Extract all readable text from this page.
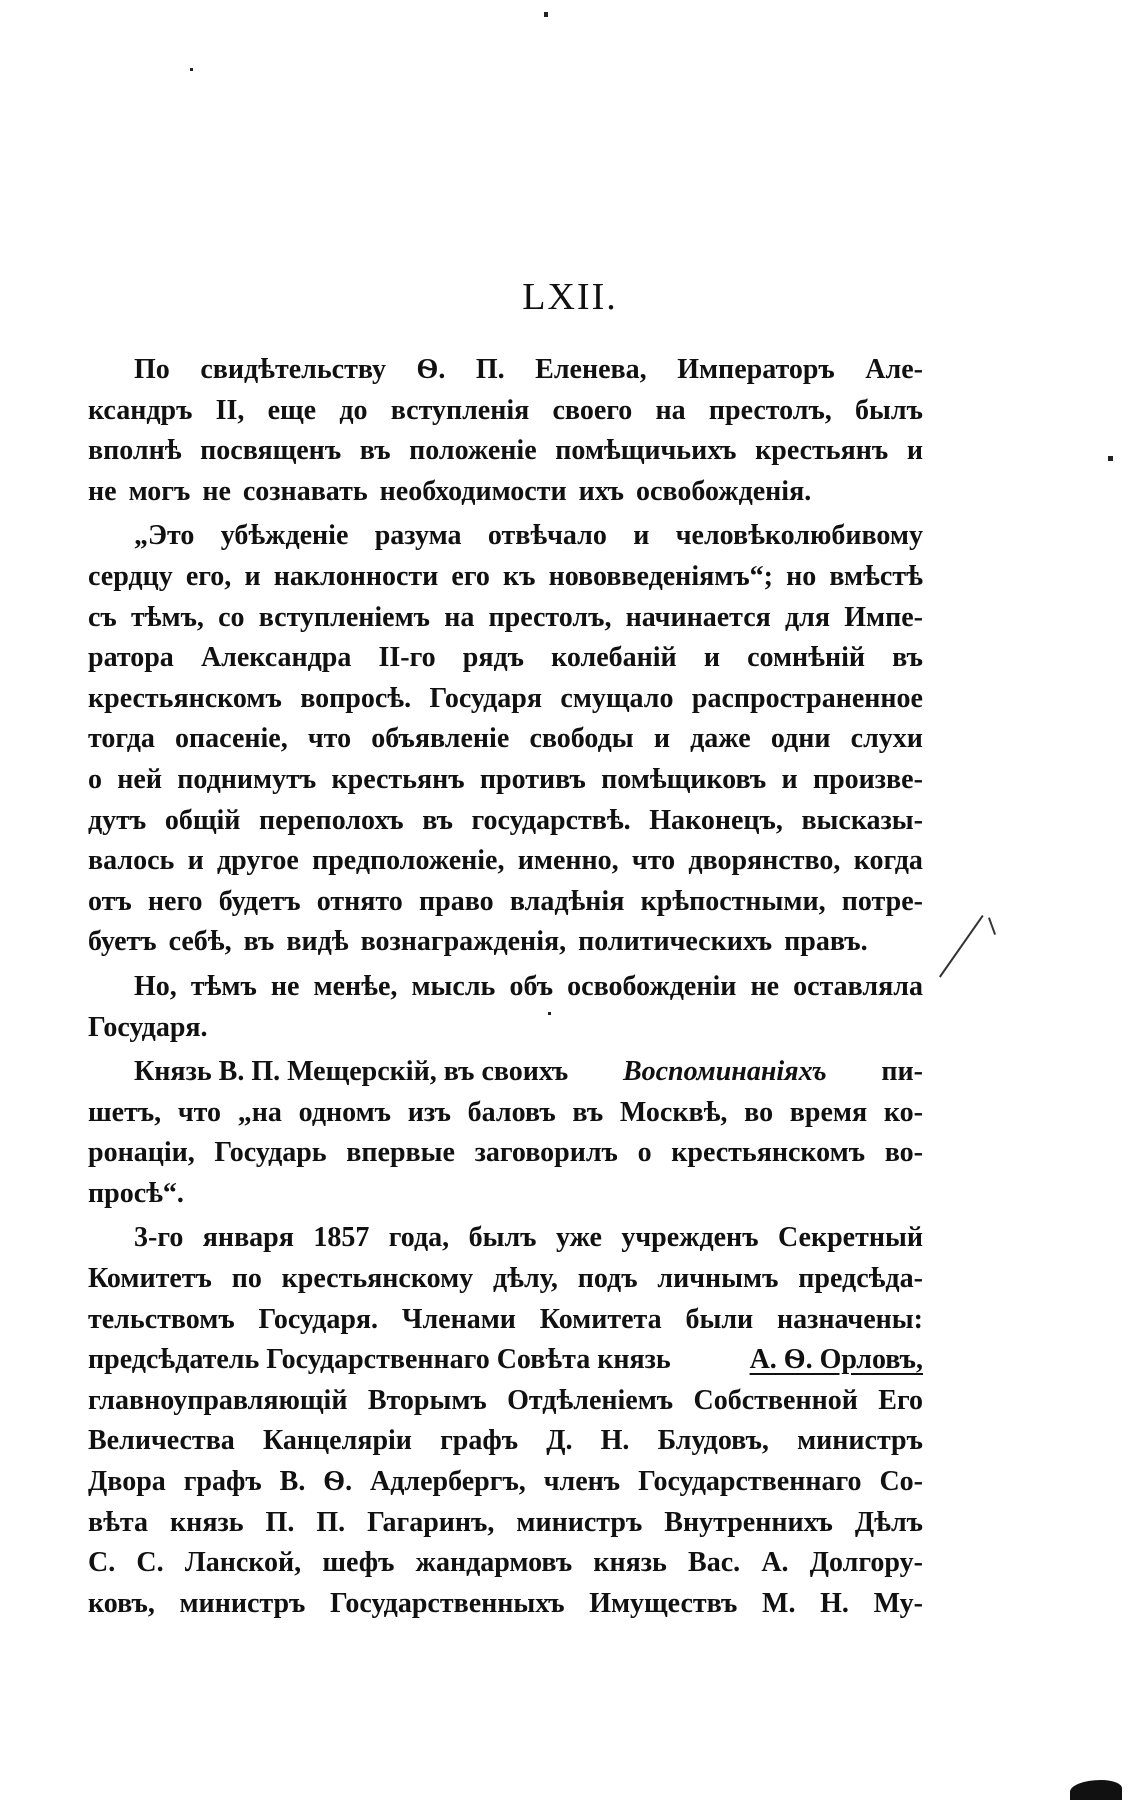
LXII.
По свидѣтельству Ѳ. П. Еленева, Императоръ Але-
ксандръ II, еще до вступленія своего на престолъ, былъ
вполнѣ посвященъ въ положеніе помѣщичьихъ крестьянъ и
не могъ не сознавать необходимости ихъ освобожденія.
„Это убѣжденіе разума отвѣчало и человѣколюбивому
сердцу его, и наклонности его къ нововведеніямъ“; но вмѣстѣ
съ тѣмъ, со вступленіемъ на престолъ, начинается для Импе-
ратора Александра II-го рядъ колебаній и сомнѣній въ
крестьянскомъ вопросѣ. Государя смущало распространенное
тогда опасеніе, что объявленіе свободы и даже одни слухи
о ней поднимутъ крестьянъ противъ помѣщиковъ и произве-
дутъ общій переполохъ въ государствѣ. Наконецъ, высказы-
валось и другое предположеніе, именно, что дворянство, когда
отъ него будетъ отнято право владѣнія крѣпостными, потре-
буетъ себѣ, въ видѣ вознагражденія, политическихъ правъ.
Но, тѣмъ не менѣе, мысль объ освобожденіи не оставляла
Государя.
Князь В. П. Мещерскій, въ своихъ Воспоминаніяхъ пи-
шетъ, что „на одномъ изъ баловъ въ Москвѣ, во время ко-
ронаціи, Государь впервые заговорилъ о крестьянскомъ во-
просѣ“.
3-го января 1857 года, былъ уже учрежденъ Секретный
Комитетъ по крестьянскому дѣлу, подъ личнымъ предсѣда-
тельствомъ Государя. Членами Комитета были назначены:
предсѣдатель Государственнаго Совѣта князь	А. Ѳ. Орловъ,
главноуправляющій Вторымъ Отдѣленіемъ Собственной Его
Величества Канцеляріи графъ Д. Н. Блудовъ, министръ
Двора графъ В. Ѳ. Адлербергъ, членъ Государственнаго Со-
вѣта князь П. П. Гагаринъ, министръ Внутреннихъ Дѣлъ
С. С. Ланской, шефъ жандармовъ князь Вас. А. Долгору-
ковъ, министръ Государственныхъ Имуществъ М. Н. Му-
